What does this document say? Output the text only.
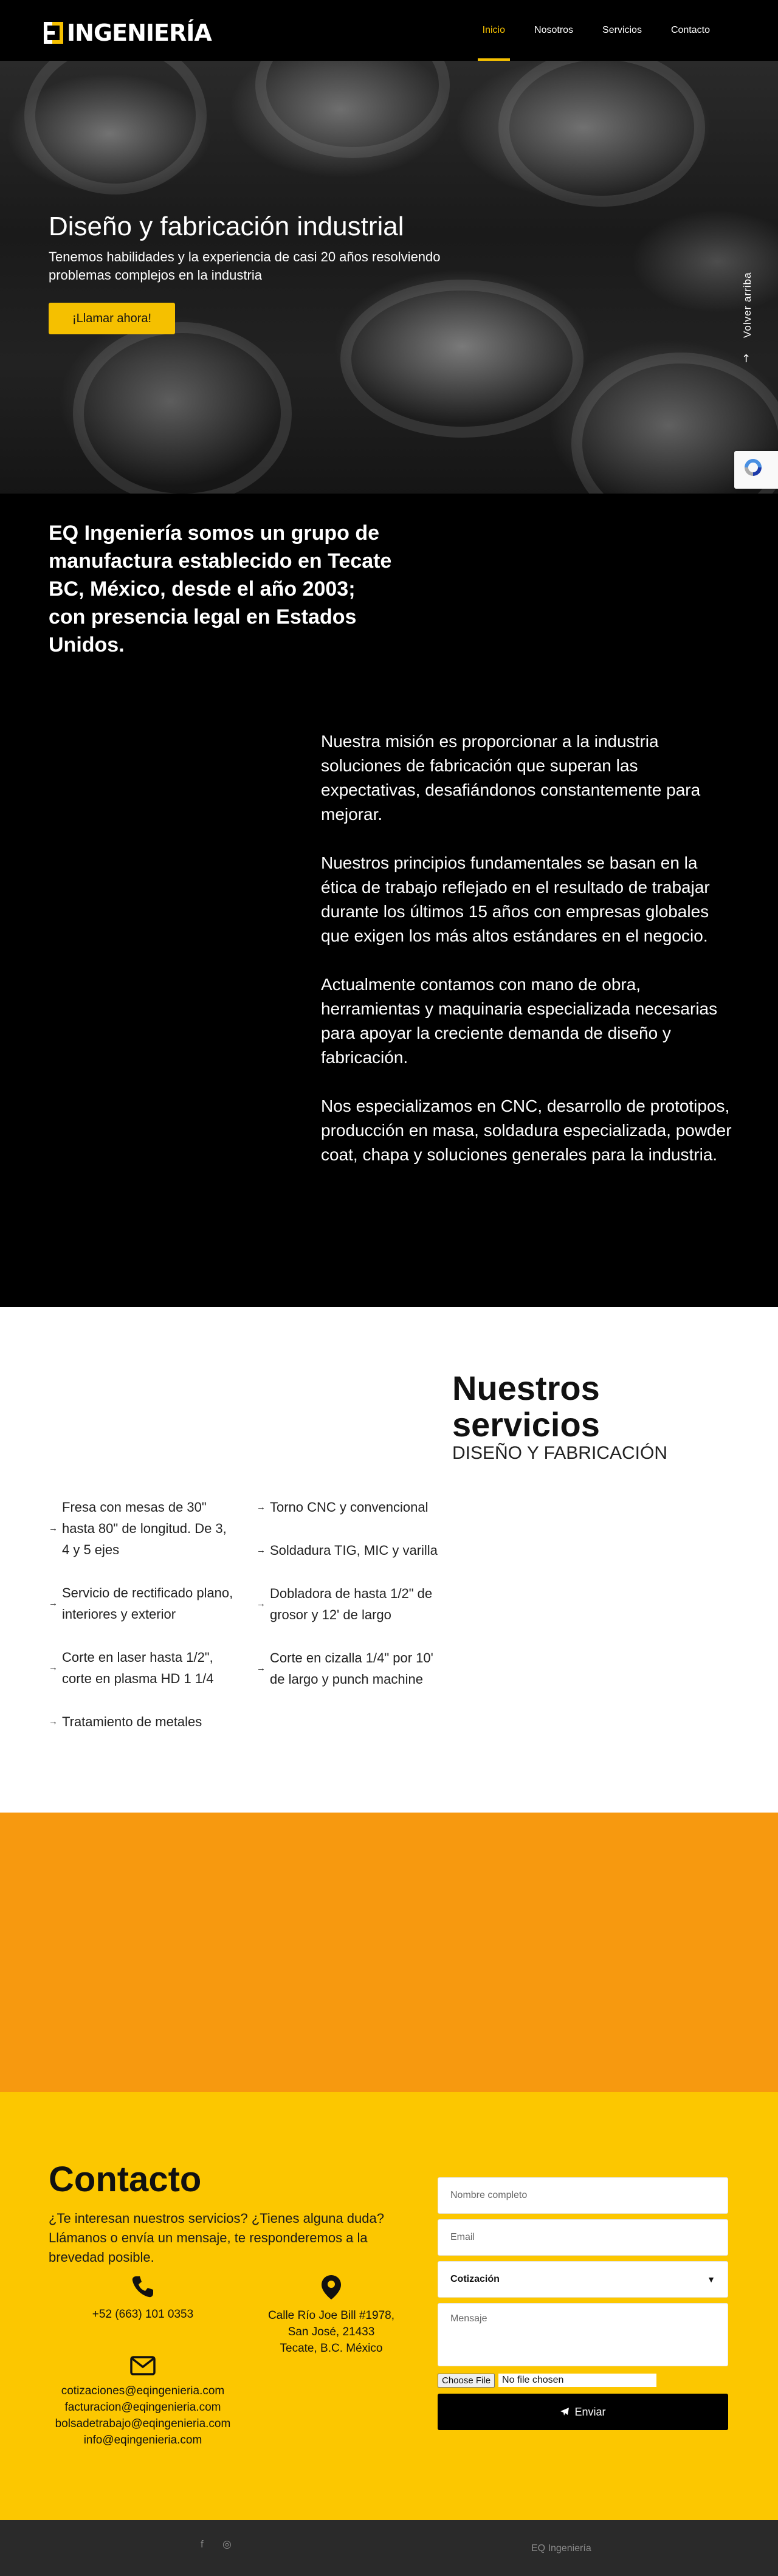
INGENIERÍA	Inicio	Nosotros	Servicios	Contacto
Diseño y fabricación industrial

Tenemos habilidades y la experiencia de casi 20 años resolviendo problemas complejos en la industria

¡Llamar ahora!	Volver arriba
↑
EQ Ingeniería somos un grupo de manufactura establecido en Tecate BC, México, desde el año 2003; con presencia legal en Estados Unidos.

Nuestra misión es proporcionar a la industria soluciones de fabricación que superan las expectativas, desafiándonos constantemente para mejorar.

Nuestros principios fundamentales se basan en la ética de trabajo reflejado en el resultado de trabajar durante los últimos 15 años con empresas globales que exigen los más altos estándares en el negocio.

Actualmente contamos con mano de obra, herramientas y maquinaria especializada necesarias para apoyar la creciente demanda de diseño y fabricación.

Nos especializamos en CNC, desarrollo de prototipos, producción en masa, soldadura especializada, powder coat, chapa y soluciones generales para la industria.

Nuestros servicios
DISEÑO Y FABRICACIÓN
→
Fresa con mesas de 30" hasta 80" de longitud. De 3, 4 y 5 ejes
→
Servicio de rectificado plano, interiores y exterior
→
Corte en laser hasta 1/2", corte en plasma HD 1 1/4
→ Tratamiento de metales
→ Torno CNC y convencional
→ Soldadura TIG, MIC y varilla
→
Dobladora de hasta 1/2" de grosor y 12' de largo
→
Corte en cizalla 1/4" por 10' de largo y punch machine
Contacto

¿Te interesan nuestros servicios? ¿Tienes alguna duda? Llámanos o envía un mensaje, te responderemos a la brevedad posible.

+52 (663) 101 0353	Calle Río Joe Bill #1978,
San José, 21433
Tecate, B.C. México
cotizaciones@eqingenieria.com
facturacion@eqingenieria.com
bolsadetrabajo@eqingenieria.com
info@eqingenieria.com
Nombre completo
Email
Cotización	▼
Mensaje
Choose File	No file chosen
Enviar
f ◎	EQ Ingeniería
